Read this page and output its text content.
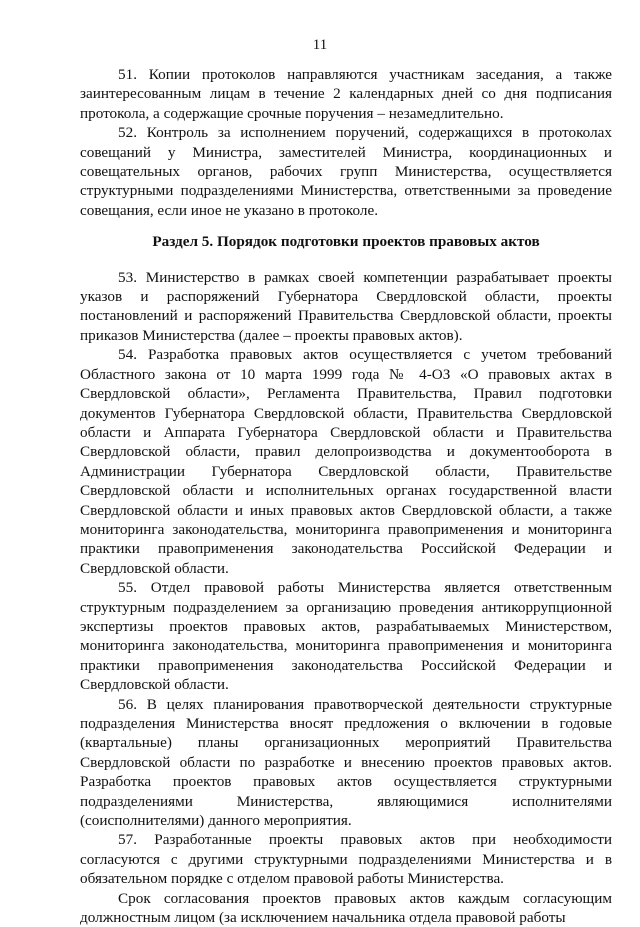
11

51. Копии протоколов направляются участникам заседания, а также заинтересованным лицам в течение 2 календарных дней со дня подписания протокола, а содержащие срочные поручения – незамедлительно.

52. Контроль за исполнением поручений, содержащихся в протоколах совещаний у Министра, заместителей Министра, координационных и совещательных органов, рабочих групп Министерства, осуществляется структурными подразделениями Министерства, ответственными за проведение совещания, если иное не указано в протоколе.

Раздел 5. Порядок подготовки проектов правовых актов

53. Министерство в рамках своей компетенции разрабатывает проекты указов и распоряжений Губернатора Свердловской области, проекты постановлений и распоряжений Правительства Свердловской области, проекты приказов Министерства (далее – проекты правовых актов).

54. Разработка правовых актов осуществляется с учетом требований Областного закона от 10 марта 1999 года № 4-ОЗ «О правовых актах в Свердловской области», Регламента Правительства, Правил подготовки документов Губернатора Свердловской области, Правительства Свердловской области и Аппарата Губернатора Свердловской области и Правительства Свердловской области, правил делопроизводства и документооборота в Администрации Губернатора Свердловской области, Правительстве Свердловской области и исполнительных органах государственной власти Свердловской области и иных правовых актов Свердловской области, а также мониторинга законодательства, мониторинга правоприменения и мониторинга практики правоприменения законодательства Российской Федерации и Свердловской области.

55. Отдел правовой работы Министерства является ответственным структурным подразделением за организацию проведения антикоррупционной экспертизы проектов правовых актов, разрабатываемых Министерством, мониторинга законодательства, мониторинга правоприменения и мониторинга практики правоприменения законодательства Российской Федерации и Свердловской области.

56. В целях планирования правотворческой деятельности структурные подразделения Министерства вносят предложения о включении в годовые (квартальные) планы организационных мероприятий Правительства Свердловской области по разработке и внесению проектов правовых актов. Разработка проектов правовых актов осуществляется структурными подразделениями Министерства, являющимися исполнителями (соисполнителями) данного мероприятия.

57. Разработанные проекты правовых актов при необходимости согласуются с другими структурными подразделениями Министерства и в обязательном порядке с отделом правовой работы Министерства.

Срок согласования проектов правовых актов каждым согласующим должностным лицом (за исключением начальника отдела правовой работы
